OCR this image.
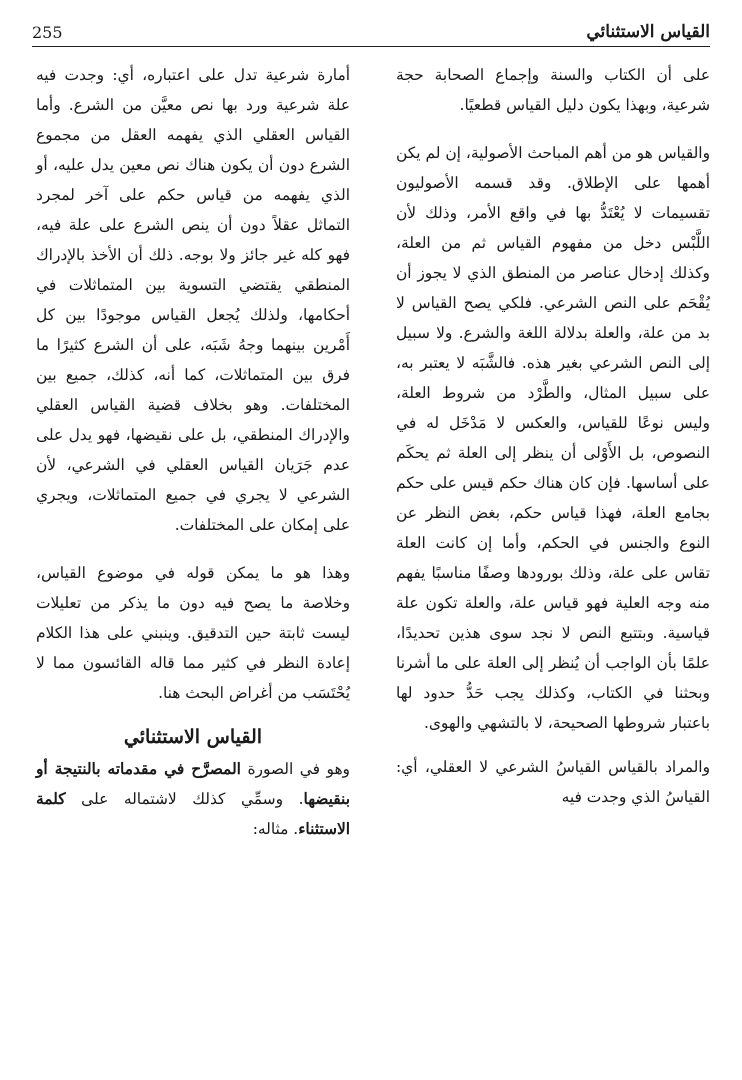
القياس الاستثنائي
255

على أن الكتاب والسنة وإجماع الصحابة حجة شرعية، وبهذا يكون دليل القياس قطعيًا.

والقياس هو من أهم المباحث الأصولية، إن لم يكن أهمها على الإطلاق. وقد قسمه الأصوليون تقسيمات لا يُعْتَدُّ بها في واقع الأمر، وذلك لأن اللَّبْس دخل من مفهوم القياس ثم من العلة، وكذلك إدخال عناصر من المنطق الذي لا يجوز أن يُقْحَم على النص الشرعي. فلكي يصح القياس لا بد من علة، والعلة بدلالة اللغة والشرع. ولا سبيل إلى النص الشرعي بغير هذه. فالشَّبَه لا يعتبر به، على سبيل المثال، والطَّرْد من شروط العلة، وليس نوعًا للقياس، والعكس لا مَدْخَل له في النصوص، بل الأَوْلى أن ينظر إلى العلة ثم يحكَم على أساسها. فإن كان هناك حكم قيس على حكم بجامع العلة، فهذا قياس حكم، بغض النظر عن النوع والجنس في الحكم، وأما إن كانت العلة تقاس على علة، وذلك بورودها وصفًا مناسبًا يفهم منه وجه العلية فهو قياس علة، والعلة تكون علة قياسية. وبتتبع النص لا نجد سوى هذين تحديدًا، علمًا بأن الواجب أن يُنظر إلى العلة على ما أشرنا وبحثنا في الكتاب، وكذلك يجب حَدُّ حدود لها باعتبار شروطها الصحيحة، لا بالتشهي والهوى.

والمراد بالقياس القياسُ الشرعي لا العقلي، أي: القياسُ الذي وجدت فيه

أمارة شرعية تدل على اعتباره، أي: وجدت فيه علة شرعية ورد بها نص معيَّن من الشرع. وأما القياس العقلي الذي يفهمه العقل من مجموع الشرع دون أن يكون هناك نص معين يدل عليه، أو الذي يفهمه من قياس حكم على آخر لمجرد التماثل عقلاً دون أن ينص الشرع على علة فيه، فهو كله غير جائز ولا بوجه. ذلك أن الأخذ بالإدراك المنطقي يقتضي التسوية بين المتماثلات في أحكامها، ولذلك يُجعل القياس موجودًا بين كل أَمْرين بينهما وجهُ شَبَه، على أن الشرع كثيرًا ما فرق بين المتماثلات، كما أنه، كذلك، جميع بين المختلفات. وهو بخلاف قضية القياس العقلي والإدراك المنطقي، بل على نقيضها، فهو يدل على عدم جَرَيان القياس العقلي في الشرعي، لأن الشرعي لا يجري في جميع المتماثلات، ويجري على إمكان على المختلفات.

وهذا هو ما يمكن قوله في موضوع القياس، وخلاصة ما يصح فيه دون ما يذكر من تعليلات ليست ثابتة حين التدقيق. وينبني على هذا الكلام إعادة النظر في كثير مما قاله القائسون مما لا يُحْتَسَب من أغراض البحث هنا.

القياس الاستثنائي

وهو في الصورة المصرَّح في مقدماته بالنتيجة أو بنقيضها. وسمِّي كذلك لاشتماله على كلمة الاستثناء. مثاله:
